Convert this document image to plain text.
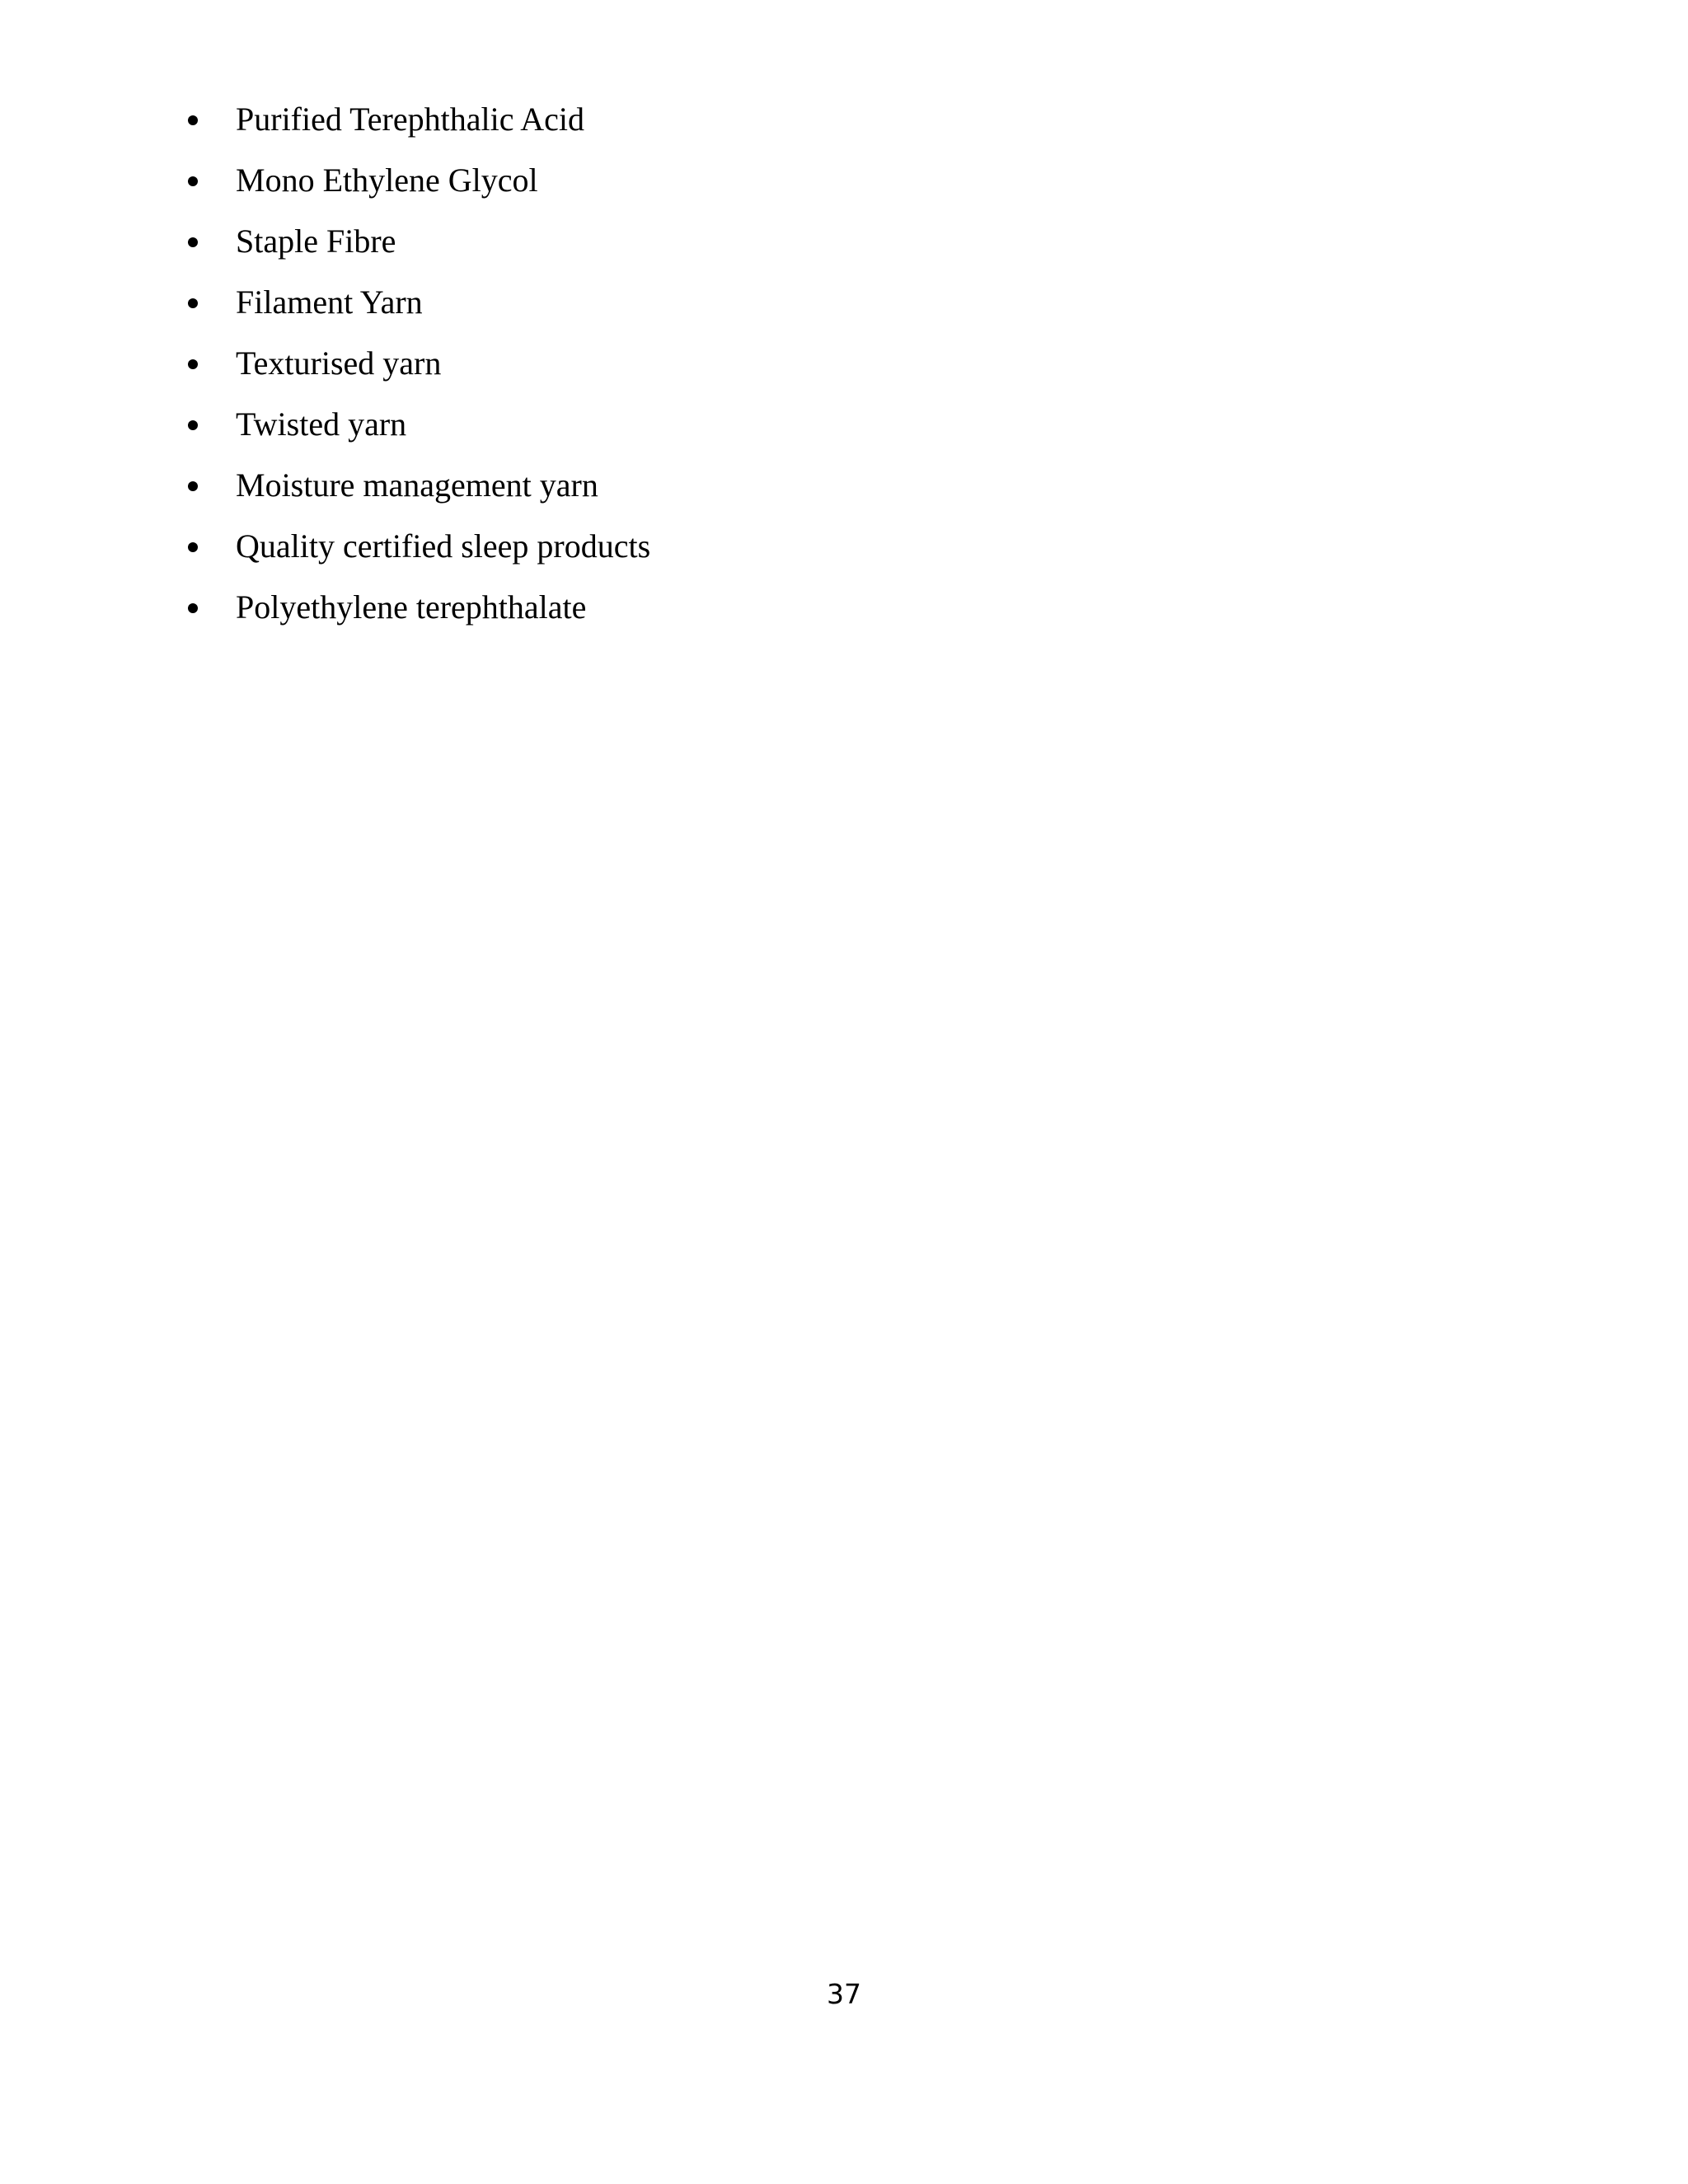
Purified Terephthalic Acid
Mono Ethylene Glycol
Staple Fibre
Filament Yarn
Texturised yarn
Twisted yarn
Moisture management yarn
Quality certified sleep products
Polyethylene terephthalate
37
